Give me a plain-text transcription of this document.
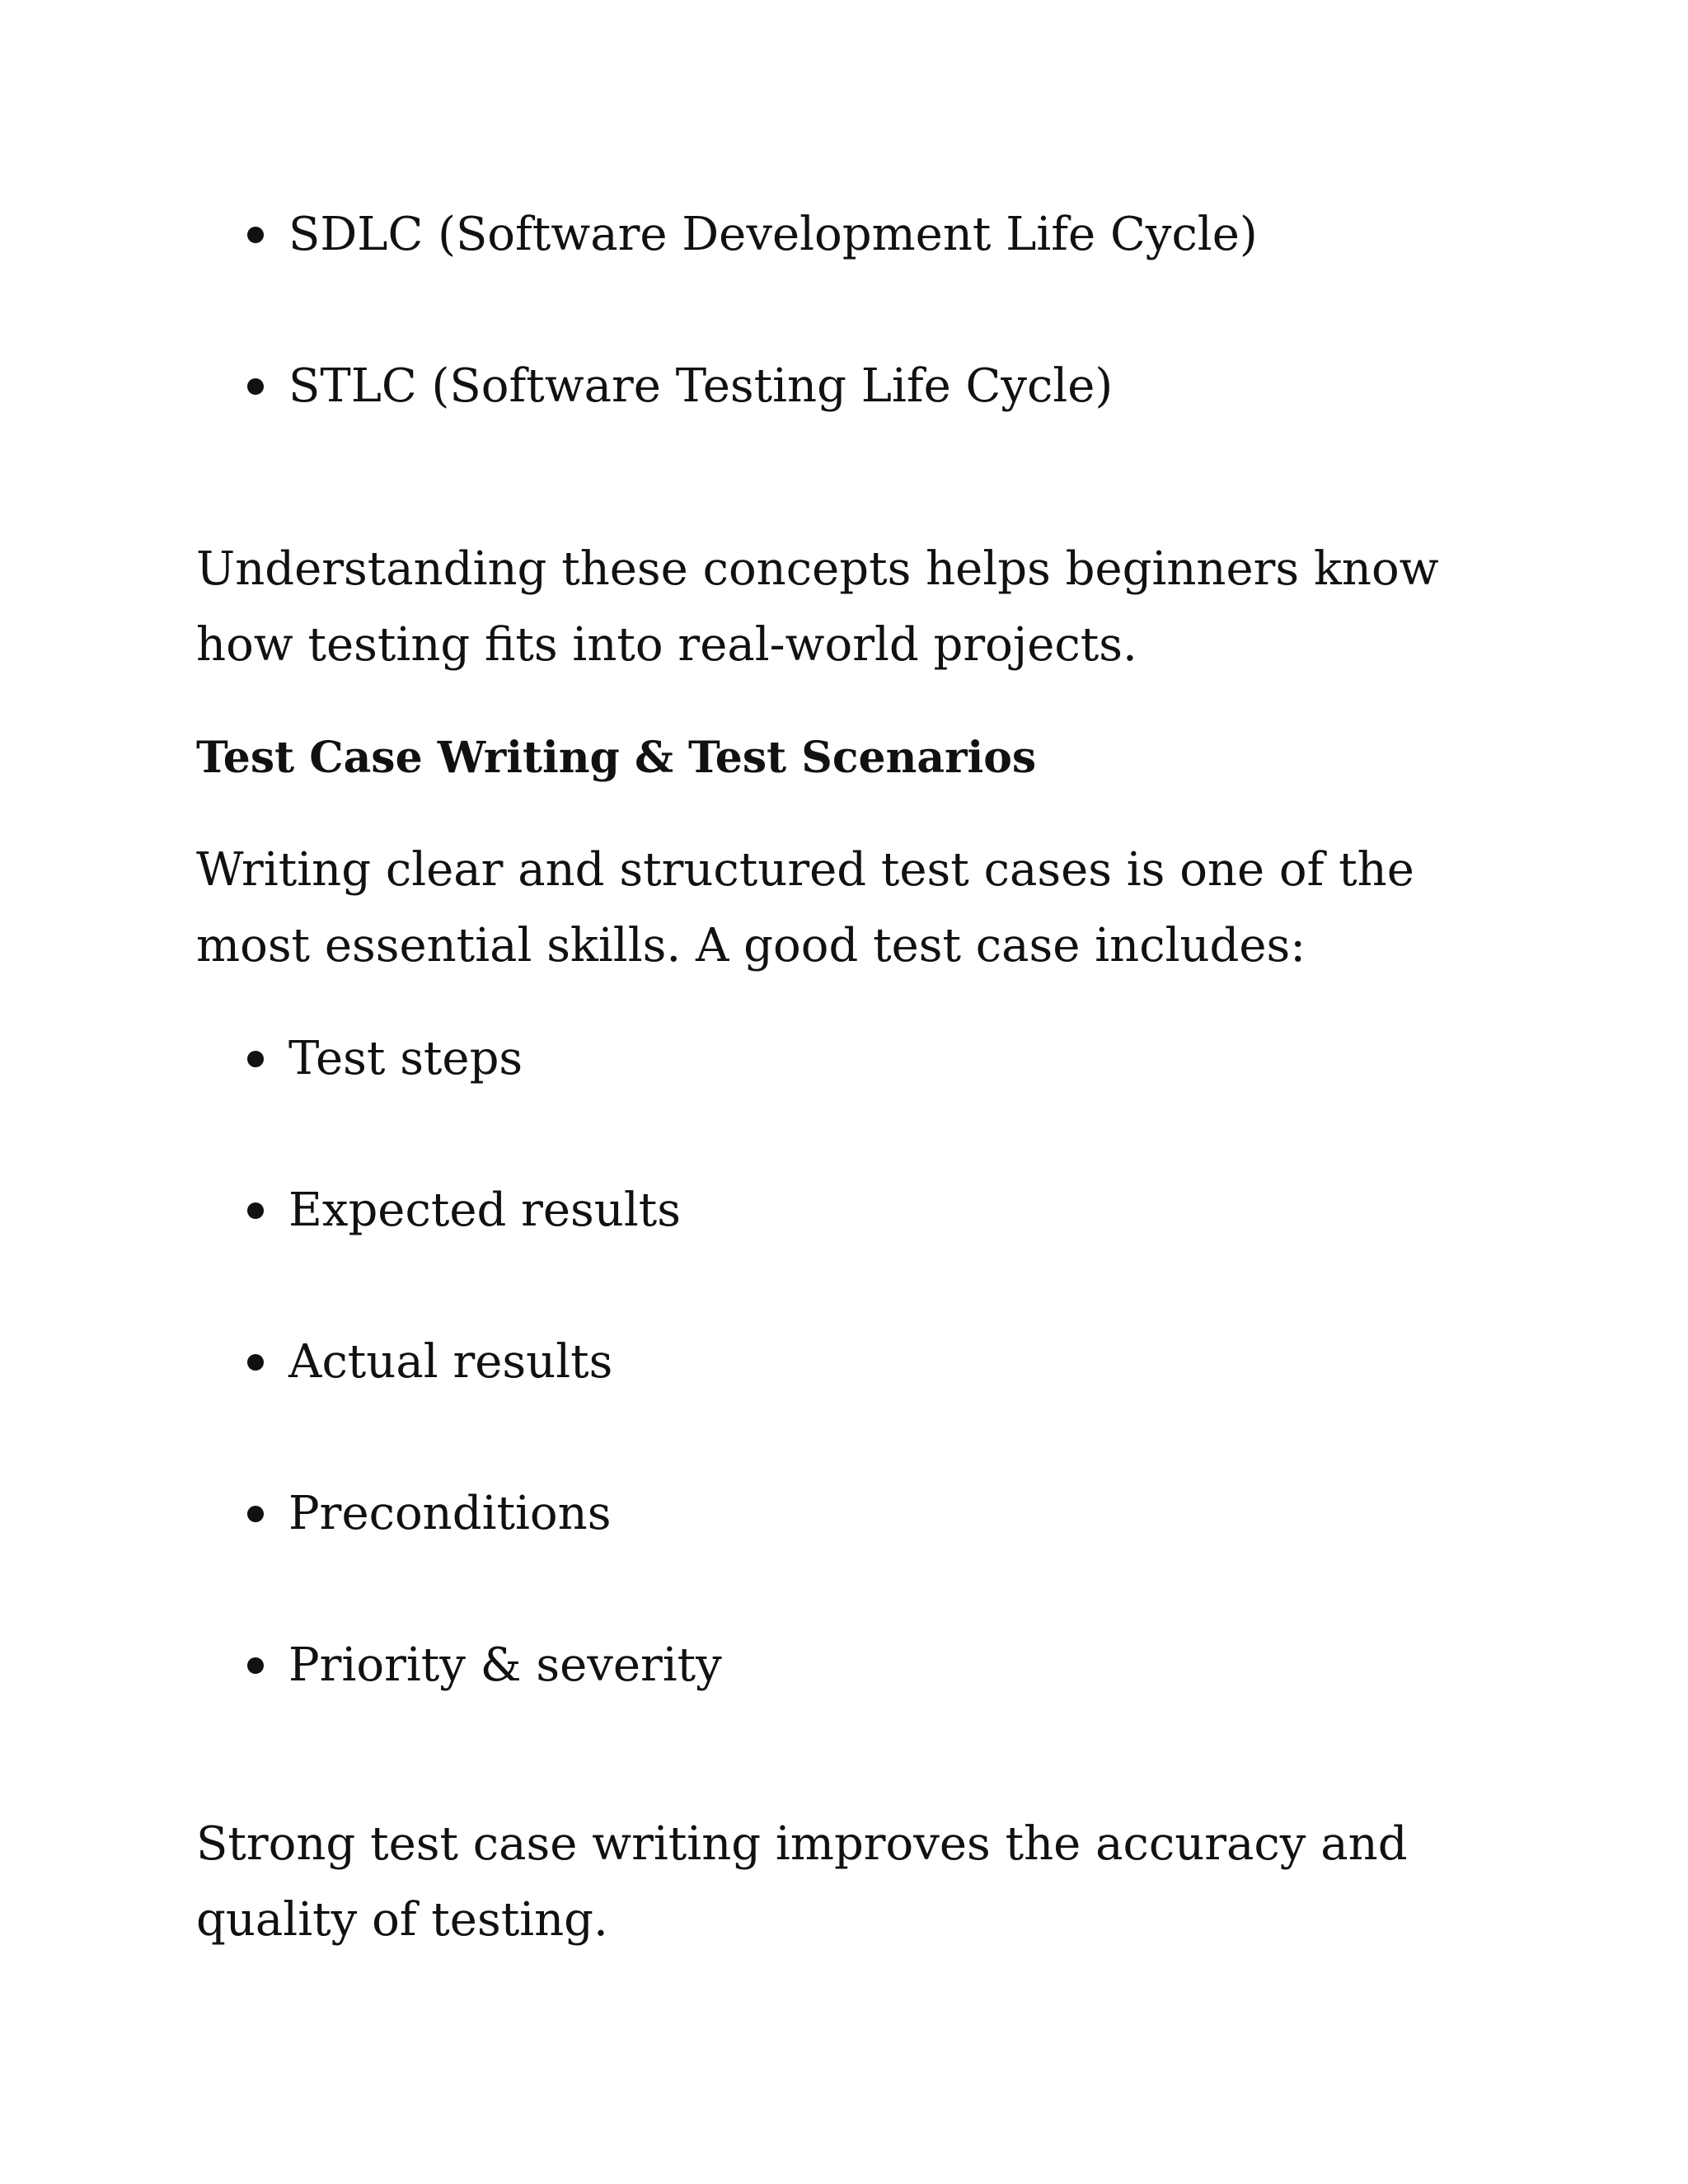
SDLC (Software Development Life Cycle)
STLC (Software Testing Life Cycle)

Understanding these concepts helps beginners know how testing fits into real-world projects.

Test Case Writing & Test Scenarios

Writing clear and structured test cases is one of the most essential skills. A good test case includes:

Test steps
Expected results
Actual results
Preconditions
Priority & severity

Strong test case writing improves the accuracy and quality of testing.
